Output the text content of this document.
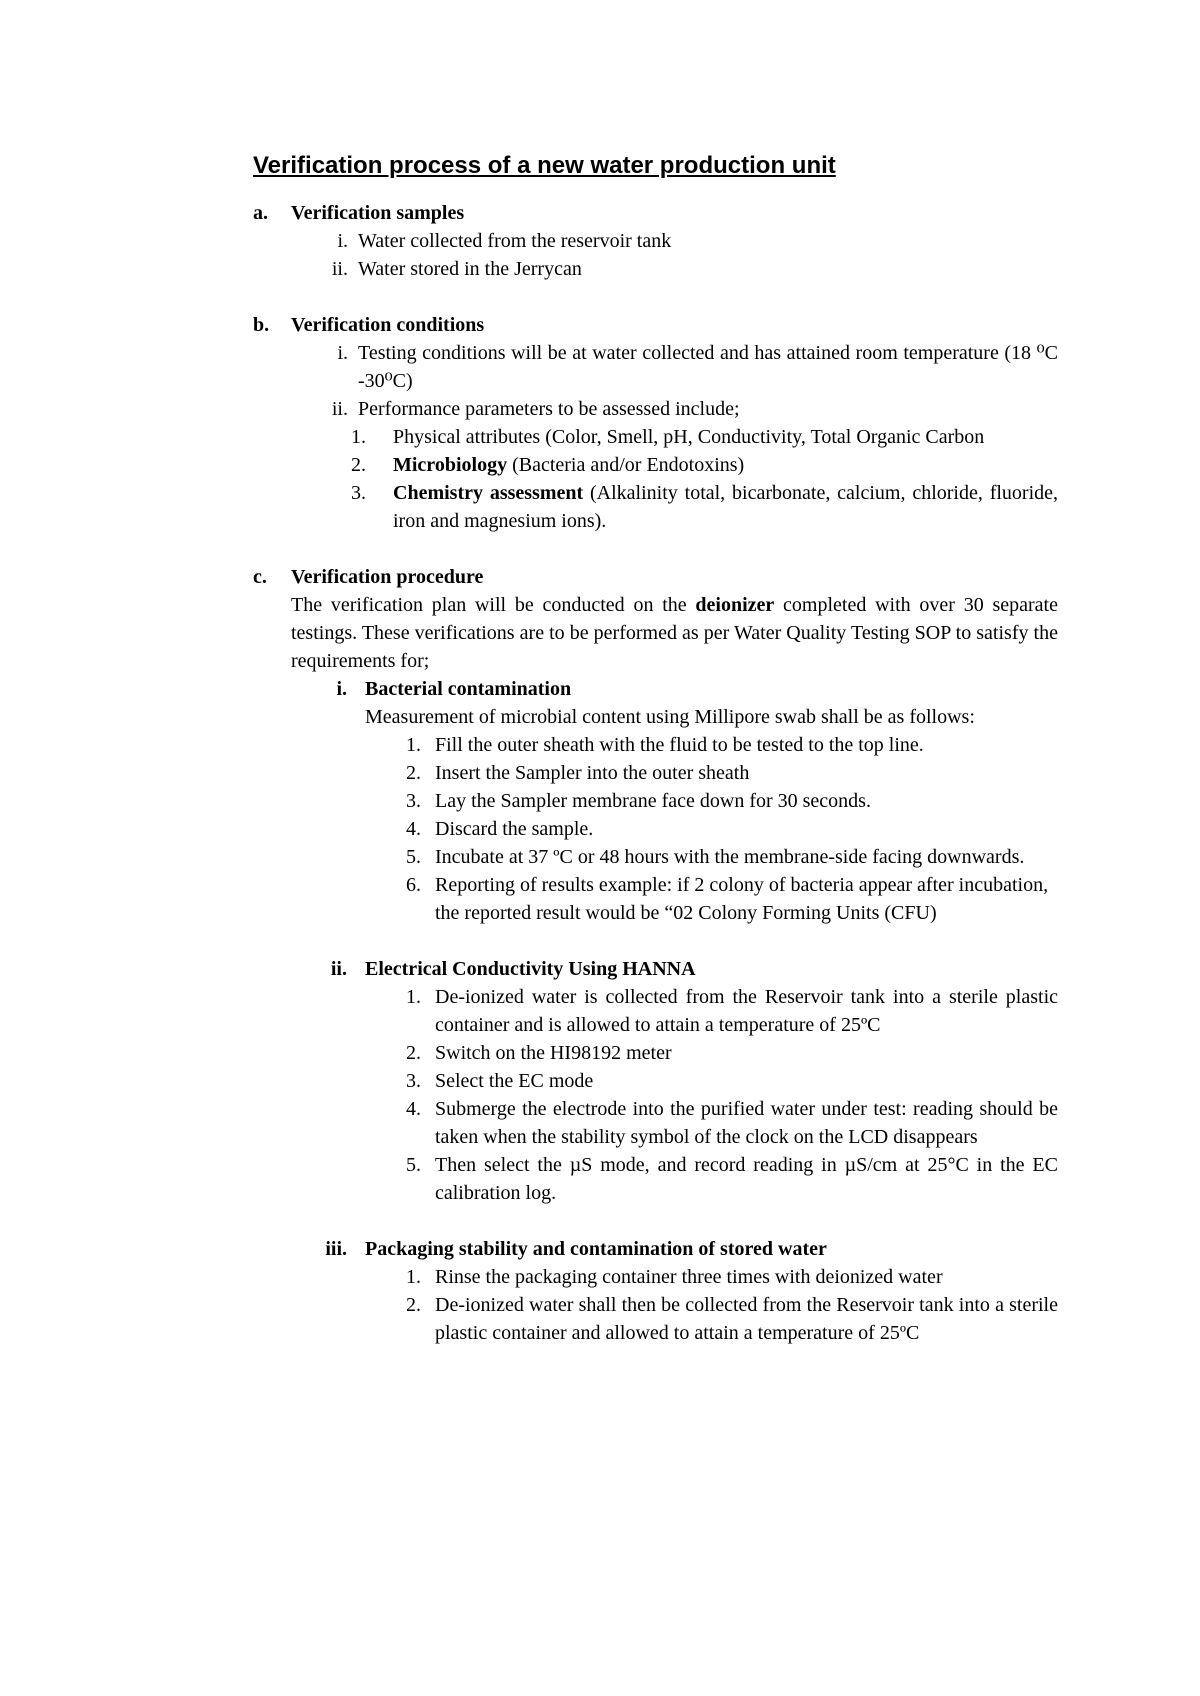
Verification process of a new water production unit
a. Verification samples
i. Water collected from the reservoir tank
ii. Water stored in the Jerrycan
b. Verification conditions
i. Testing conditions will be at water collected and has attained room temperature (18 ⁰C -30⁰C)
ii. Performance parameters to be assessed include;
1. Physical attributes (Color, Smell, pH, Conductivity, Total Organic Carbon
2. Microbiology (Bacteria and/or Endotoxins)
3. Chemistry assessment (Alkalinity total, bicarbonate, calcium, chloride, fluoride, iron and magnesium ions).
c. Verification procedure
The verification plan will be conducted on the deionizer completed with over 30 separate testings. These verifications are to be performed as per Water Quality Testing SOP to satisfy the requirements for;
i. Bacterial contamination
Measurement of microbial content using Millipore swab shall be as follows:
1. Fill the outer sheath with the fluid to be tested to the top line.
2. Insert the Sampler into the outer sheath
3. Lay the Sampler membrane face down for 30 seconds.
4. Discard the sample.
5. Incubate at 37 ºC or 48 hours with the membrane-side facing downwards.
6. Reporting of results example: if 2 colony of bacteria appear after incubation, the reported result would be “02 Colony Forming Units (CFU)
ii. Electrical Conductivity Using HANNA
1. De-ionized water is collected from the Reservoir tank into a sterile plastic container and is allowed to attain a temperature of 25ºC
2. Switch on the HI98192 meter
3. Select the EC mode
4. Submerge the electrode into the purified water under test: reading should be taken when the stability symbol of the clock on the LCD disappears
5. Then select the µS mode, and record reading in µS/cm at 25°C in the EC calibration log.
iii. Packaging stability and contamination of stored water
1. Rinse the packaging container three times with deionized water
2. De-ionized water shall then be collected from the Reservoir tank into a sterile plastic container and allowed to attain a temperature of 25ºC
